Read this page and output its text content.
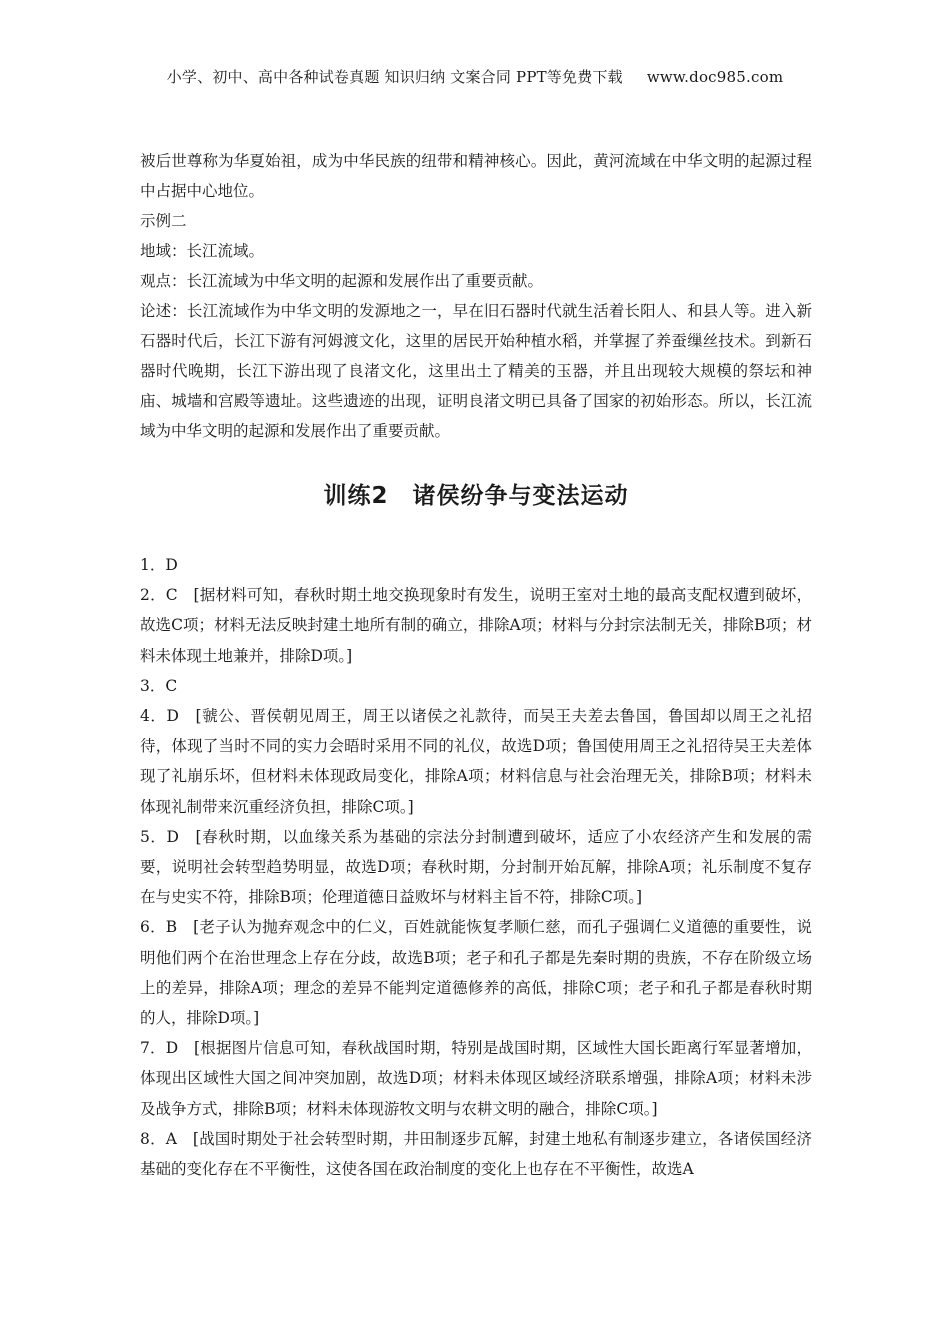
小学、初中、高中各种试卷真题 知识归纳 文案合同 PPT等免费下载 www.doc985.com

被后世尊称为华夏始祖，成为中华民族的纽带和精神核心。因此，黄河流域在中华文明的起源过程中占据中心地位。

示例二

地域：长江流域。

观点：长江流域为中华文明的起源和发展作出了重要贡献。

论述：长江流域作为中华文明的发源地之一，早在旧石器时代就生活着长阳人、和县人等。进入新石器时代后，长江下游有河姆渡文化，这里的居民开始种植水稻，并掌握了养蚕缫丝技术。到新石器时代晚期，长江下游出现了良渚文化，这里出土了精美的玉器，并且出现较大规模的祭坛和神庙、城墙和宫殿等遗址。这些遗迹的出现，证明良渚文明已具备了国家的初始形态。所以，长江流域为中华文明的起源和发展作出了重要贡献。

训练2　诸侯纷争与变法运动

1．D

2．C　[据材料可知，春秋时期土地交换现象时有发生，说明王室对土地的最高支配权遭到破坏，故选C项；材料无法反映封建土地所有制的确立，排除A项；材料与分封宗法制无关，排除B项；材料未体现土地兼并，排除D项。]

3．C

4．D　[虢公、晋侯朝见周王，周王以诸侯之礼款待，而吴王夫差去鲁国，鲁国却以周王之礼招待，体现了当时不同的实力会晤时采用不同的礼仪，故选D项；鲁国使用周王之礼招待吴王夫差体现了礼崩乐坏，但材料未体现政局变化，排除A项；材料信息与社会治理无关，排除B项；材料未体现礼制带来沉重经济负担，排除C项。]

5．D　[春秋时期，以血缘关系为基础的宗法分封制遭到破坏，适应了小农经济产生和发展的需要，说明社会转型趋势明显，故选D项；春秋时期，分封制开始瓦解，排除A项；礼乐制度不复存在与史实不符，排除B项；伦理道德日益败坏与材料主旨不符，排除C项。]

6．B　[老子认为抛弃观念中的仁义，百姓就能恢复孝顺仁慈，而孔子强调仁义道德的重要性，说明他们两个在治世理念上存在分歧，故选B项；老子和孔子都是先秦时期的贵族，不存在阶级立场上的差异，排除A项；理念的差异不能判定道德修养的高低，排除C项；老子和孔子都是春秋时期的人，排除D项。]

7．D　[根据图片信息可知，春秋战国时期，特别是战国时期，区域性大国长距离行军显著增加，体现出区域性大国之间冲突加剧，故选D项；材料未体现区域经济联系增强，排除A项；材料未涉及战争方式，排除B项；材料未体现游牧文明与农耕文明的融合，排除C项。]

8．A　[战国时期处于社会转型时期，井田制逐步瓦解，封建土地私有制逐步建立，各诸侯国经济基础的变化存在不平衡性，这使各国在政治制度的变化上也存在不平衡性，故选A
